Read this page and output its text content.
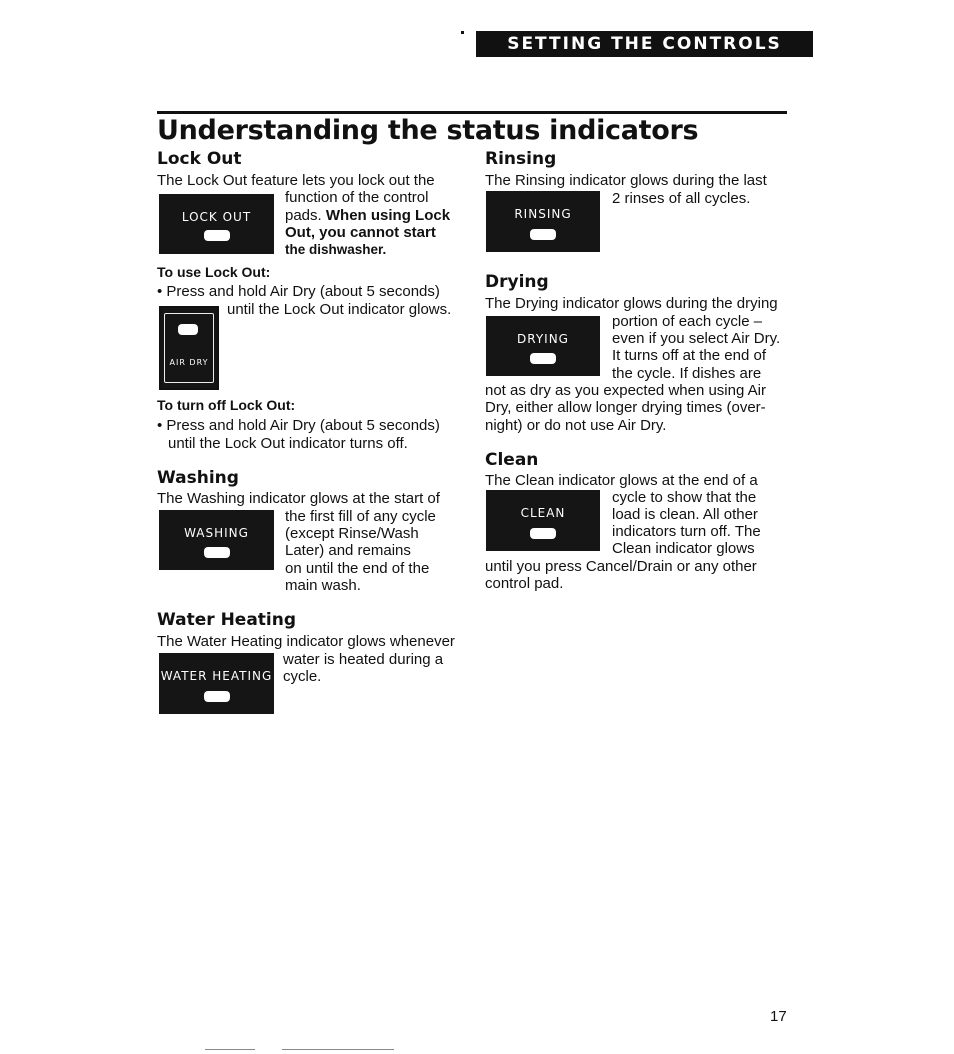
SETTING THE CONTROLS
Understanding the status indicators
Lock Out
The Lock Out feature lets you lock out the
LOCK OUT
function of the control
pads. When using Lock
Out, you cannot start
the dishwasher.
To use Lock Out:
• Press and hold Air Dry (about 5 seconds)
until the Lock Out indicator glows.
AIR DRY
To turn off Lock Out:
• Press and hold Air Dry (about 5 seconds)
until the Lock Out indicator turns off.
Washing
The Washing indicator glows at the start of
WASHING
the first fill of any cycle
(except Rinse/Wash
Later) and remains
on until the end of the
main wash.
Water Heating
The Water Heating indicator glows whenever
WATER HEATING
water is heated during a
cycle.
Rinsing
The Rinsing indicator glows during the last
RINSING
2 rinses of all cycles.
Drying
The Drying indicator glows during the drying
DRYING
portion of each cycle –
even if you select Air Dry.
It turns off at the end of
the cycle. If dishes are
not as dry as you expected when using Air
Dry, either allow longer drying times (over-
night) or do not use Air Dry.
Clean
The Clean indicator glows at the end of a
CLEAN
cycle to show that the
load is clean. All other
indicators turn off. The
Clean indicator glows
until you press Cancel/Drain or any other
control pad.
17
